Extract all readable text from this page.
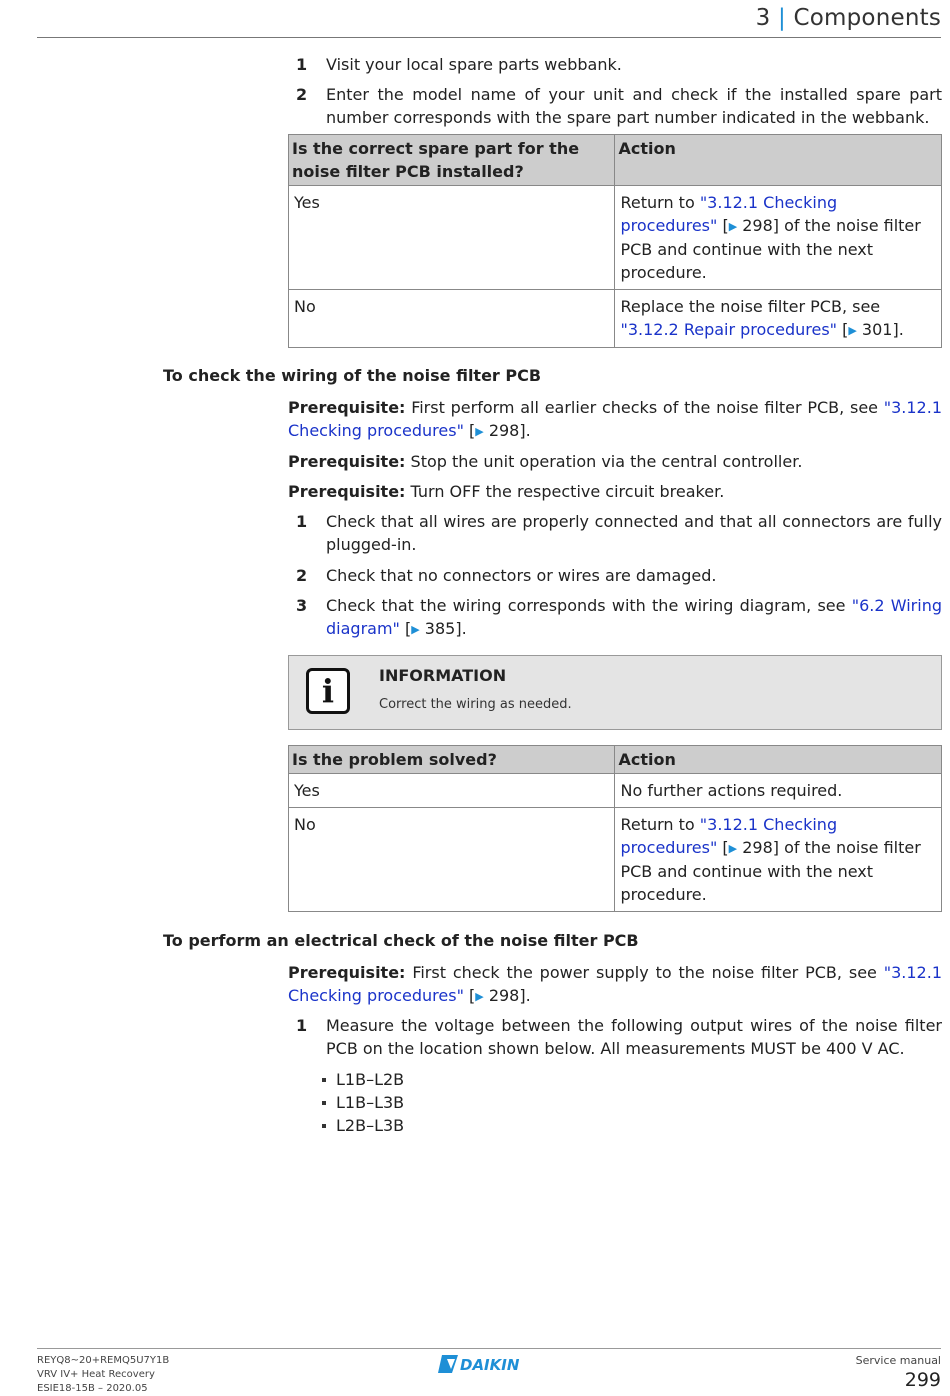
3 | Components
1 Visit your local spare parts webbank.
2 Enter the model name of your unit and check if the installed spare part number corresponds with the spare part number indicated in the webbank.
Is the correct spare part for the noise filter PCB installed?	Action
Yes	Return to "3.12.1 Checking procedures" [▶ 298] of the noise filter PCB and continue with the next procedure.
No	Replace the noise filter PCB, see "3.12.2 Repair procedures" [▶ 301].
To check the wiring of the noise filter PCB
Prerequisite: First perform all earlier checks of the noise filter PCB, see "3.12.1 Checking procedures" [▶ 298].
Prerequisite: Stop the unit operation via the central controller.
Prerequisite: Turn OFF the respective circuit breaker.
1 Check that all wires are properly connected and that all connectors are fully plugged-in.
2 Check that no connectors or wires are damaged.
3 Check that the wiring corresponds with the wiring diagram, see "6.2 Wiring diagram" [▶ 385].
i	INFORMATION
Correct the wiring as needed.
Is the problem solved?	Action
Yes	No further actions required.
No	Return to "3.12.1 Checking procedures" [▶ 298] of the noise filter PCB and continue with the next procedure.
To perform an electrical check of the noise filter PCB
Prerequisite: First check the power supply to the noise filter PCB, see "3.12.1 Checking procedures" [▶ 298].
1 Measure the voltage between the following output wires of the noise filter PCB on the location shown below. All measurements MUST be 400 V AC.
L1B–L2B
L1B–L3B
L2B–L3B
REYQ8~20+REMQ5U7Y1B
VRV IV+ Heat Recovery
ESIE18-15B – 2020.05
DAIKIN	Service manual
299
